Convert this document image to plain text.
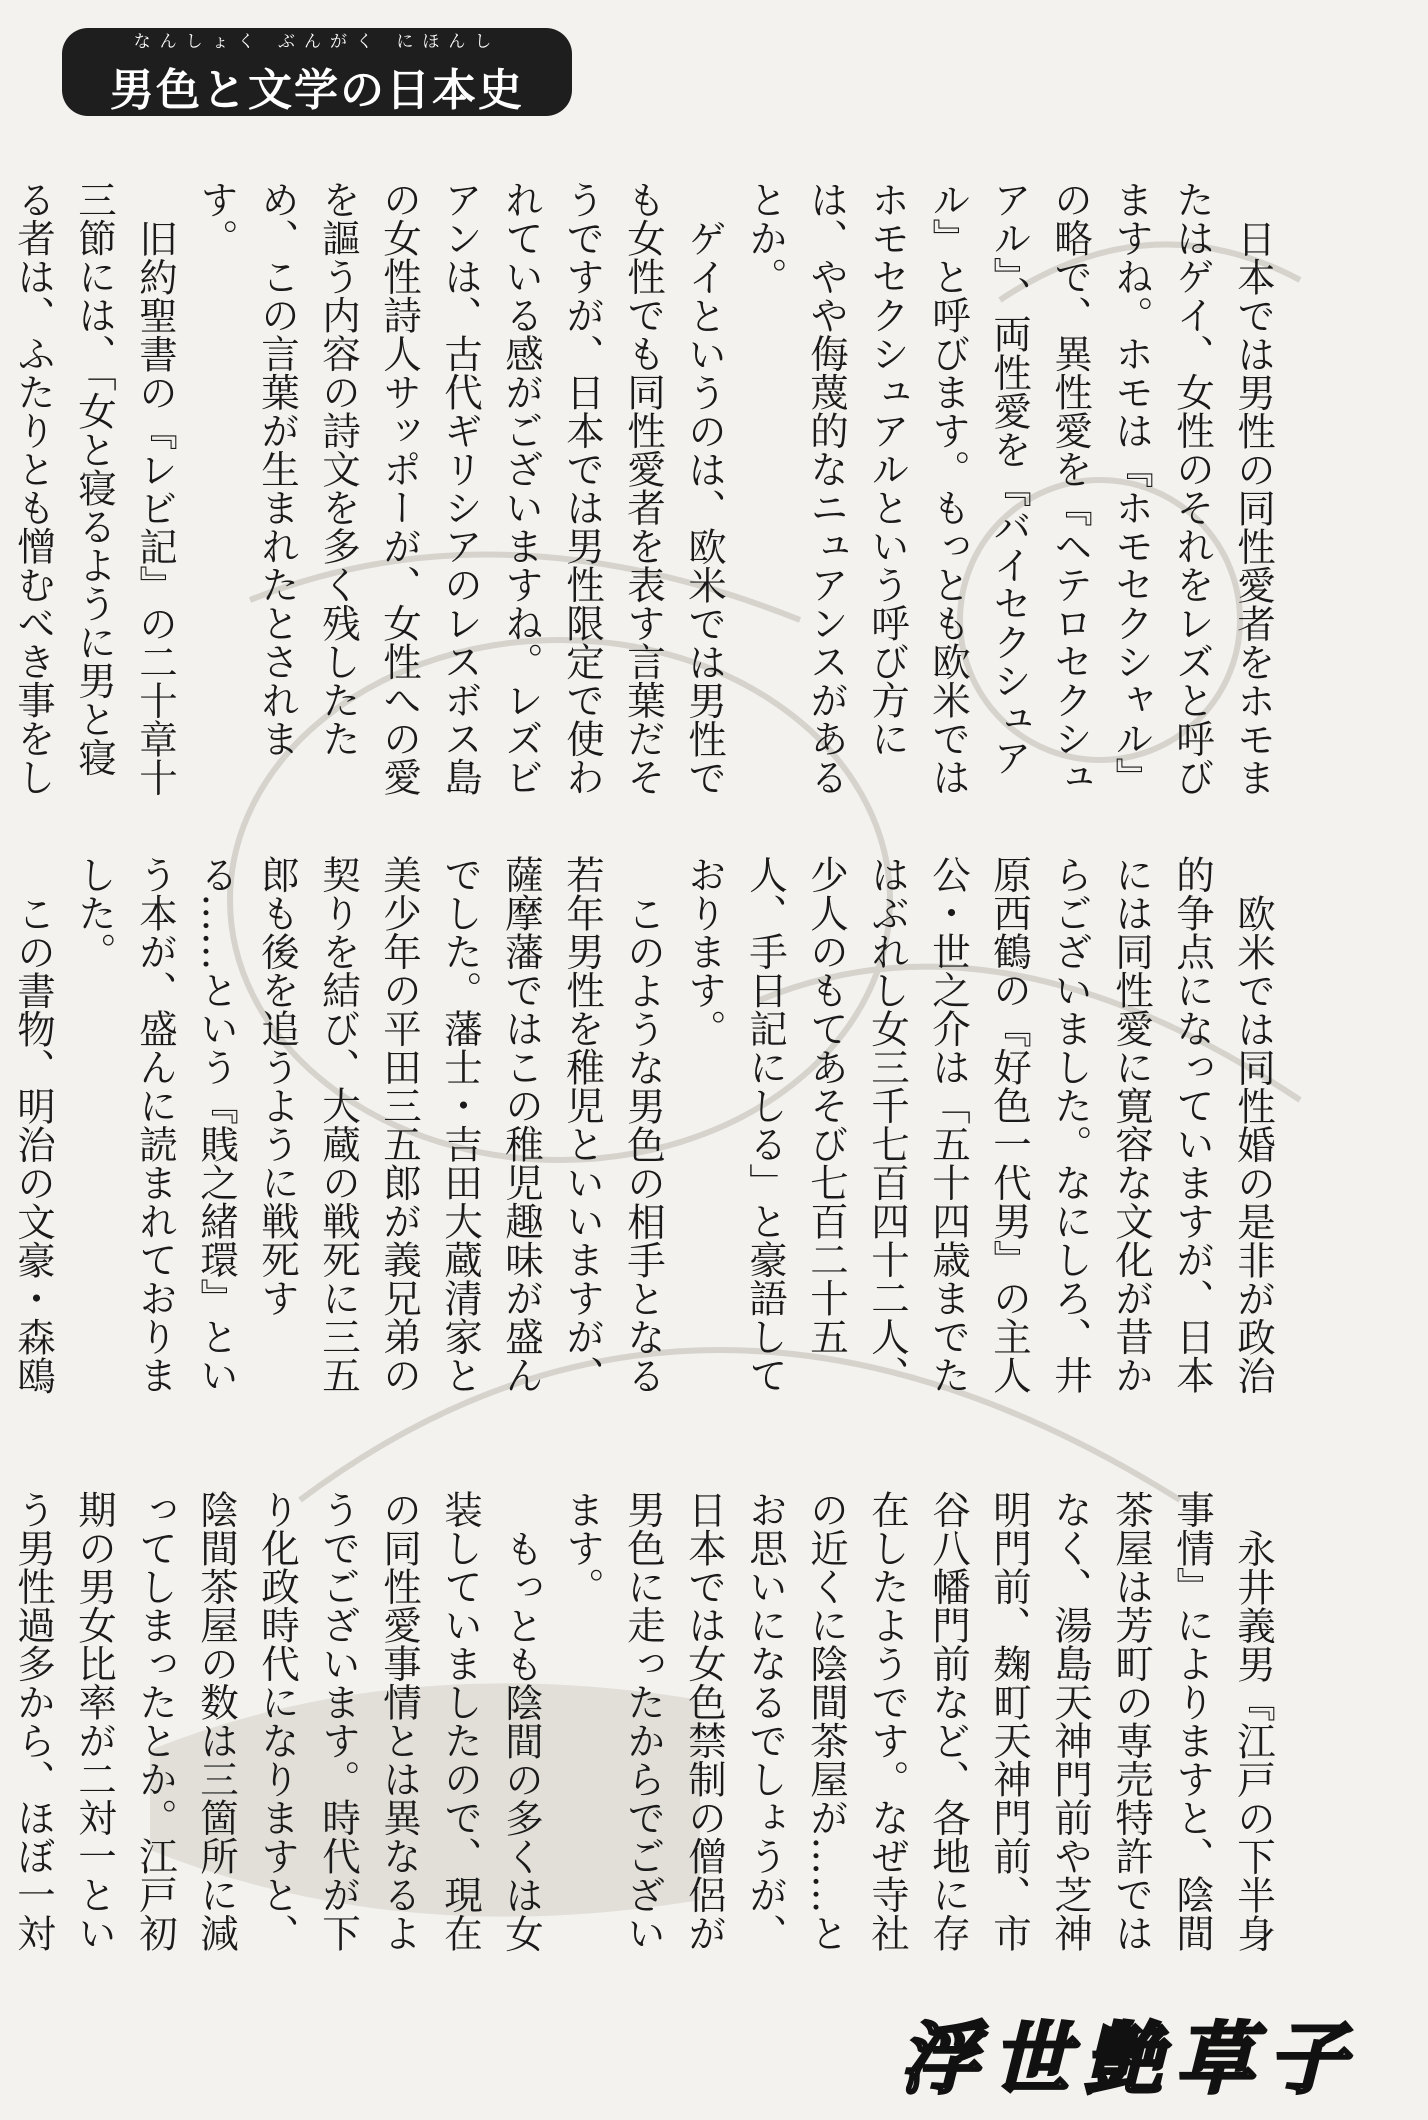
なんしょく ぶんがく にほんし
男色と文学の日本史

日本では男性の同性愛者をホモまたはゲイ、女性のそれをレズと呼びますね。ホモは『ホモセクシャル』の略で、異性愛を『ヘテロセクシュアル』、両性愛を『バイセクシュアル』と呼びます。もっとも欧米ではホモセクシュアルという呼び方には、やや侮蔑的なニュアンスがあるとか。

ゲイというのは、欧米では男性でも女性でも同性愛者を表す言葉だそうですが、日本では男性限定で使われている感がございますね。レズビアンは、古代ギリシアのレスボス島の女性詩人サッポーが、女性への愛を謳う内容の詩文を多く残したため、この言葉が生まれたとされます。

旧約聖書の『レビ記』の二十章十三節には、「女と寝るように男と寝る者は、ふたりとも憎むべき事をし

欧米では同性婚の是非が政治的争点になっていますが、日本には同性愛に寛容な文化が昔からございました。なにしろ、井原西鶴の『好色一代男』の主人公・世之介は「五十四歳までたはぶれし女三千七百四十二人、少人のもてあそび七百二十五人、手日記にしる」と豪語しております。

このような男色の相手となる若年男性を稚児といいますが、薩摩藩ではこの稚児趣味が盛んでした。藩士・吉田大蔵清家と美少年の平田三五郎が義兄弟の契りを結び、大蔵の戦死に三五郎も後を追うように戦死する……という『賎之緒環』という本が、盛んに読まれておりました。

この書物、明治の文豪・森鴎

永井義男『江戸の下半身事情』によりますと、陰間茶屋は芳町の専売特許ではなく、湯島天神門前や芝神明門前、麹町天神門前、市谷八幡門前など、各地に存在したようです。なぜ寺社の近くに陰間茶屋が……とお思いになるでしょうが、日本では女色禁制の僧侶が男色に走ったからでございます。

もっとも陰間の多くは女装していましたので、現在の同性愛事情とは異なるようでございます。時代が下り化政時代になりますと、陰間茶屋の数は三箇所に減ってしまったとか。江戸初期の男女比率が二対一という男性過多から、ほぼ一対

浮世艶草子
